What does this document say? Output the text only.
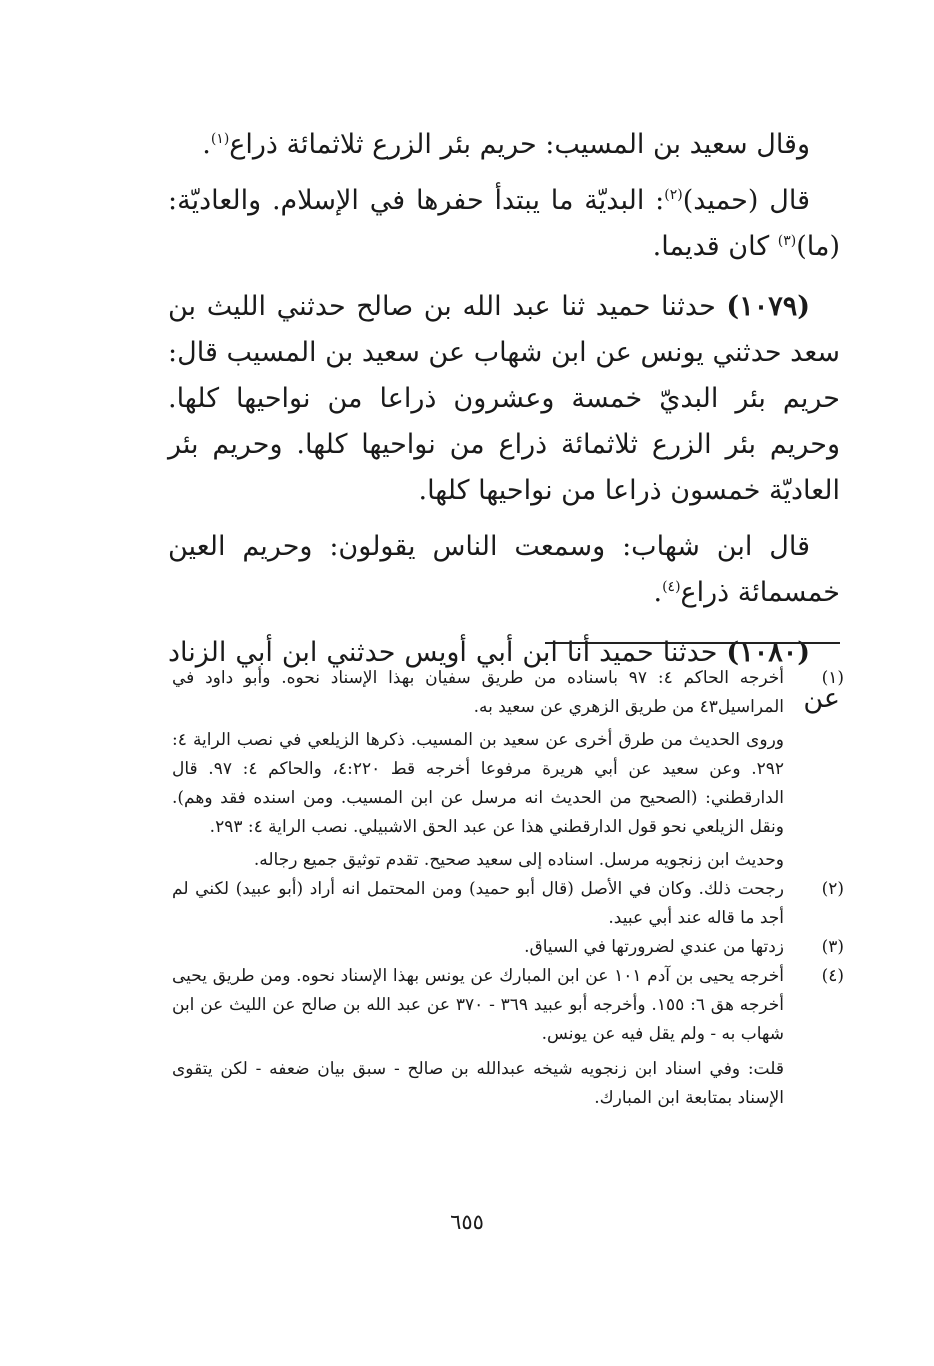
وقال سعيد بن المسيب: حريم بئر الزرع ثلاثمائة ذراع$^{(١)}$.

قال (حميد)$^{(٢)}$: البديّة ما يبتدأ حفرها في الإسلام. والعاديّة: (ما)$^{(٣)}$ كان قديما.

(١٠٧٩) حدثنا حميد ثنا عبد الله بن صالح حدثني الليث بن سعد حدثني يونس عن ابن شهاب عن سعيد بن المسيب قال: حريم بئر البديّ خمسة وعشرون ذراعا من نواحيها كلها. وحريم بئر الزرع ثلاثمائة ذراع من نواحيها كلها. وحريم بئر العاديّة خمسون ذراعا من نواحيها كلها.

قال ابن شهاب: وسمعت الناس يقولون: وحريم العين خمسمائة ذراع$^{(٤)}$.

(١٠٨٠) حدثنا حميد أنا ابن أبي أويس حدثني ابن أبي الزناد عن

(١)

أخرجه الحاكم ٤: ٩٧ باسناده من طريق سفيان بهذا الإسناد نحوه. وأبو داود في المراسيل٤٣ من طريق الزهري عن سعيد به.

وروى الحديث من طرق أخرى عن سعيد بن المسيب. ذكرها الزيلعي في نصب الراية ٤: ٢٩٢. وعن سعيد عن أبي هريرة مرفوعا أخرجه قط ٤:٢٢٠، والحاكم ٤: ٩٧. قال الدارقطني: (الصحيح من الحديث انه مرسل عن ابن المسيب. ومن اسنده فقد وهم). ونقل الزيلعي نحو قول الدارقطني هذا عن عبد الحق الاشبيلي. نصب الراية ٤: ٢٩٣.

وحديث ابن زنجويه مرسل. اسناده إلى سعيد صحيح. تقدم توثيق جميع رجاله.

(٢)

رجحت ذلك. وكان في الأصل (قال أبو حميد) ومن المحتمل انه أراد (أبو عبيد) لكني لم أجد ما قاله عند أبي عبيد.

(٣)

زدتها من عندي لضرورتها في السياق.

(٤)

أخرجه يحيى بن آدم ١٠١ عن ابن المبارك عن يونس بهذا الإسناد نحوه. ومن طريق يحيى أخرجه هق ٦: ١٥٥. وأخرجه أبو عبيد ٣٦٩ - ٣٧٠ عن عبد الله بن صالح عن الليث عن ابن شهاب به - ولم يقل فيه عن يونس.

قلت: وفي اسناد ابن زنجويه شيخه عبدالله بن صالح - سبق بيان ضعفه - لكن يتقوى الإسناد بمتابعة ابن المبارك.

٦٥٥
